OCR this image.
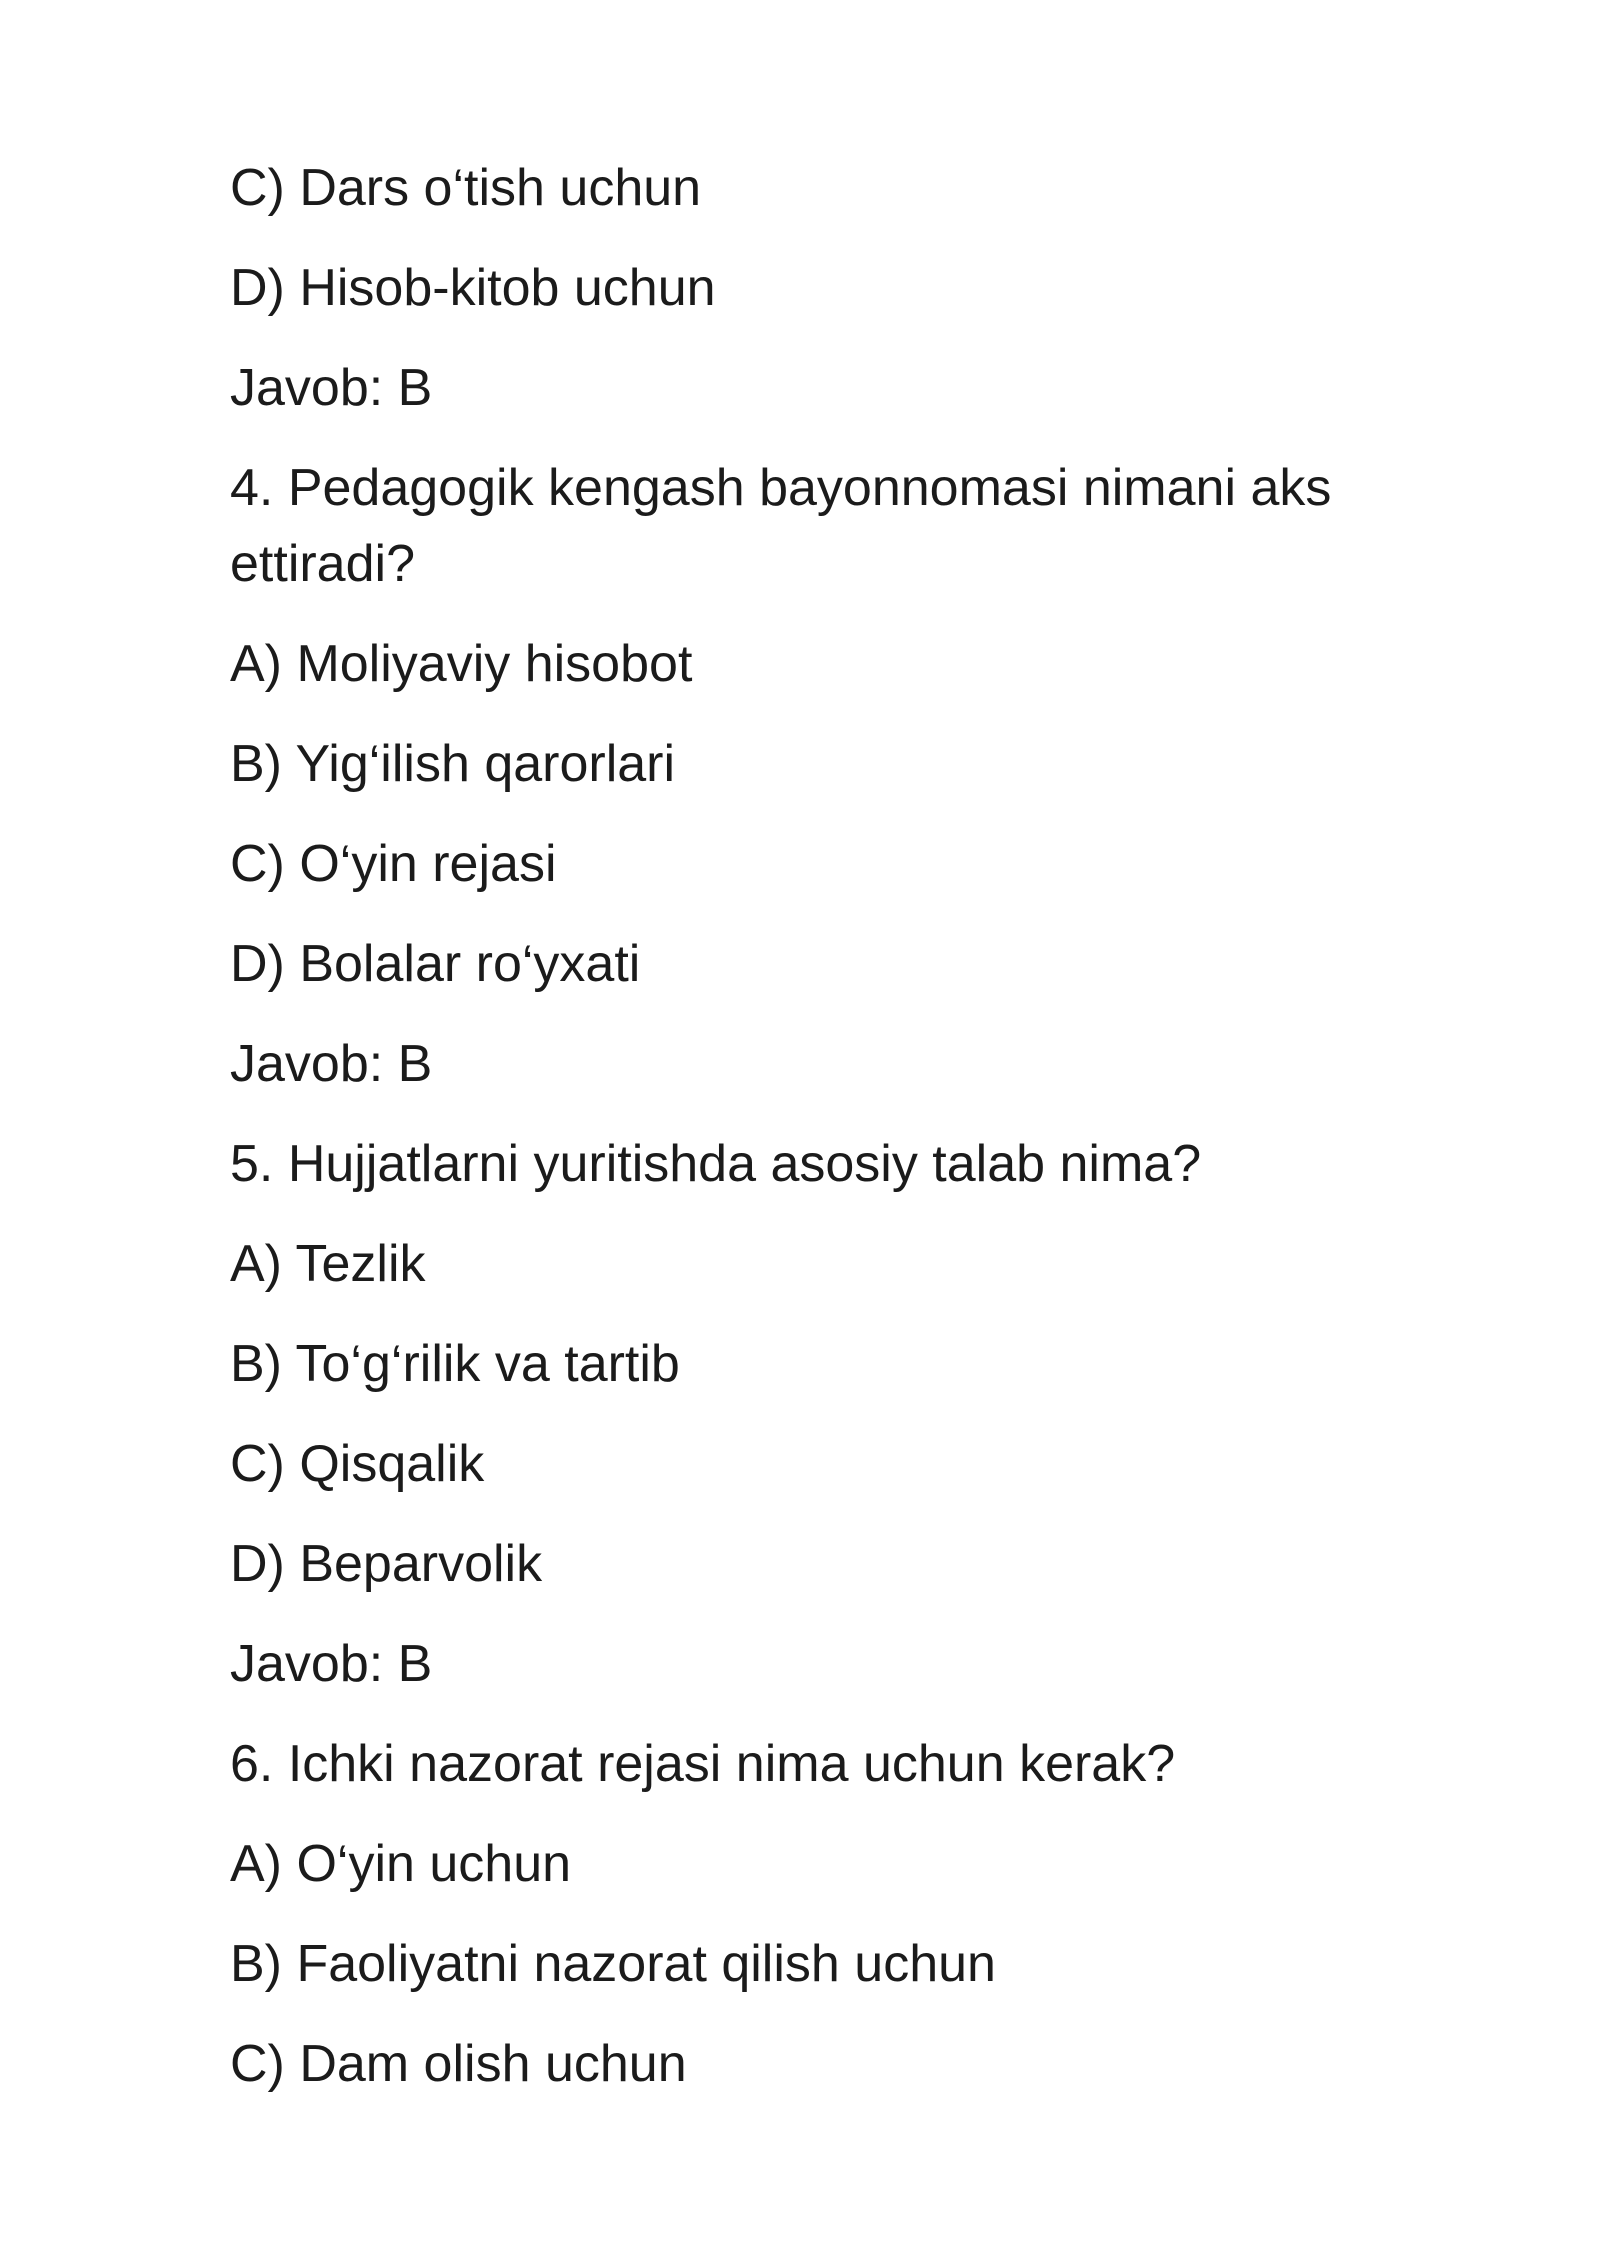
C) Dars o‘tish uchun
D) Hisob-kitob uchun
Javob: B
4. Pedagogik kengash bayonnomasi nimani aks ettiradi?
A) Moliyaviy hisobot
B) Yig‘ilish qarorlari
C) O‘yin rejasi
D) Bolalar ro‘yxati
Javob: B
5. Hujjatlarni yuritishda asosiy talab nima?
A) Tezlik
B) To‘g‘rilik va tartib
C) Qisqalik
D) Beparvolik
Javob: B
6. Ichki nazorat rejasi nima uchun kerak?
A) O‘yin uchun
B) Faoliyatni nazorat qilish uchun
C) Dam olish uchun
